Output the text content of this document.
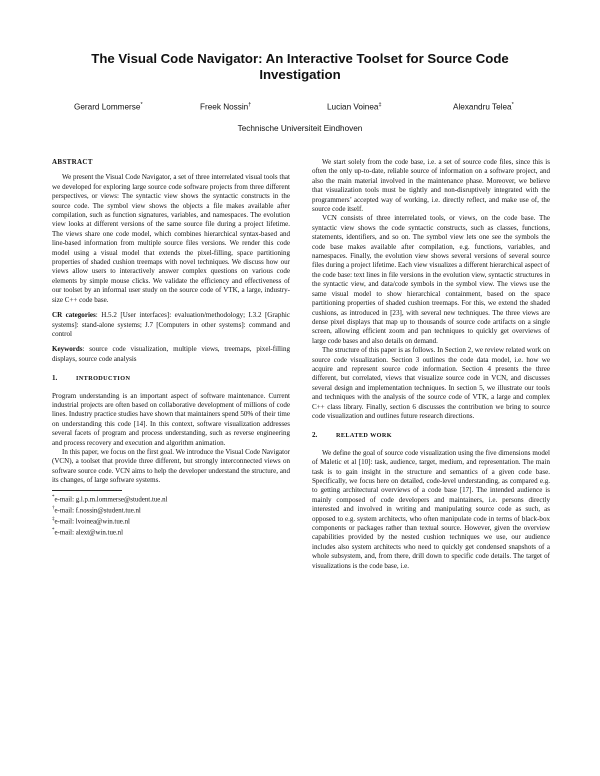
The Visual Code Navigator: An Interactive Toolset for Source Code Investigation
Gerard Lommerse*	Freek Nossin†	Lucian Voinea‡	Alexandru Telea*
Technische Universiteit Eindhoven
ABSTRACT

We present the Visual Code Navigator, a set of three interrelated visual tools that we developed for exploring large source code software projects from three different perspectives, or views: The syntactic view shows the syntactic constructs in the source code. The symbol view shows the objects a file makes available after compilation, such as function signatures, variables, and namespaces. The evolution view looks at different versions of the same source file during a project lifetime. The views share one code model, which combines hierarchical syntax-based and line-based information from multiple source files versions. We render this code model using a visual model that extends the pixel-filling, space partitioning properties of shaded cushion treemaps with novel techniques. We discuss how our views allow users to interactively answer complex questions on various code elements by simple mouse clicks. We validate the efficiency and effectiveness of our toolset by an informal user study on the source code of VTK, a large, industry-size C++ code base.

CR categories: H.5.2 [User interfaces]: evaluation/methodology; I.3.2 [Graphic systems]: stand-alone systems; J.7 [Computers in other systems]: command and control

Keywords: source code visualization, multiple views, treemaps, pixel-filling displays, source code analysis

1.	INTRODUCTION

Program understanding is an important aspect of software maintenance. Current industrial projects are often based on collaborative development of millions of code lines. Industry practice studies have shown that maintainers spend 50% of their time on understanding this code [14]. In this context, software visualization addresses several facets of program and process understanding, such as reverse engineering and process recovery and execution and algorithm animation.

In this paper, we focus on the first goal. We introduce the Visual Code Navigator (VCN), a toolset that provide three different, but strongly interconnected views on software source code. VCN aims to help the developer understand the structure, and its changes, of large software systems.

*e-mail: g.l.p.m.lommerse@student.tue.nl

†e-mail: f.nossin@student.tue.nl

‡e-mail: lvoinea@win.tue.nl

*e-mail: alext@win.tue.nl

We start solely from the code base, i.e. a set of source code files, since this is often the only up-to-date, reliable source of information on a software project, and also the main material involved in the maintenance phase. Moreover, we believe that visualization tools must be tightly and non-disruptively integrated with the programmers’ accepted way of working, i.e. directly reflect, and make use of, the source code itself.

VCN consists of three interrelated tools, or views, on the code base. The syntactic view shows the code syntactic constructs, such as classes, functions, statements, identifiers, and so on. The symbol view lets one see the symbols the code base makes available after compilation, e.g. functions, variables, and namespaces. Finally, the evolution view shows several versions of several source files during a project lifetime. Each view visualizes a different hierarchical aspect of the code base: text lines in file versions in the evolution view, syntactic structures in the syntactic view, and data/code symbols in the symbol view. The views use the same visual model to show hierarchical containment, based on the space partitioning properties of shaded cushion treemaps. For this, we extend the shaded cushions, as introduced in [23], with several new techniques. The three views are dense pixel displays that map up to thousands of source code artifacts on a single screen, allowing efficient zoom and pan techniques to quickly get overviews of large code bases and also details on demand.

The structure of this paper is as follows. In Section 2, we review related work on source code visualization. Section 3 outlines the code data model, i.e. how we acquire and represent source code information. Section 4 presents the three different, but correlated, views that visualize source code in VCN, and discusses several design and implementation techniques. In section 5, we illustrate our tools and techniques with the analysis of the source code of VTK, a large and complex C++ class library. Finally, section 6 discusses the contribution we bring to source code visualization and outlines future research directions.

2.	RELATED WORK

We define the goal of source code visualization using the five dimensions model of Maletic et al [10]: task, audience, target, medium, and representation. The main task is to gain insight in the structure and semantics of a given code base. Specifically, we focus here on detailed, code-level understanding, as compared e.g. to getting architectural overviews of a code base [17]. The intended audience is mainly composed of code developers and maintainers, i.e. persons directly interested and involved in writing and manipulating source code as such, as opposed to e.g. system architects, who often manipulate code in terms of black-box components or packages rather than textual source. However, given the overview capabilities provided by the nested cushion techniques we use, our audience includes also system architects who need to quickly get condensed snapshots of a whole subsystem, and, from there, drill down to specific code details. The target of visualizations is the code base, i.e.
